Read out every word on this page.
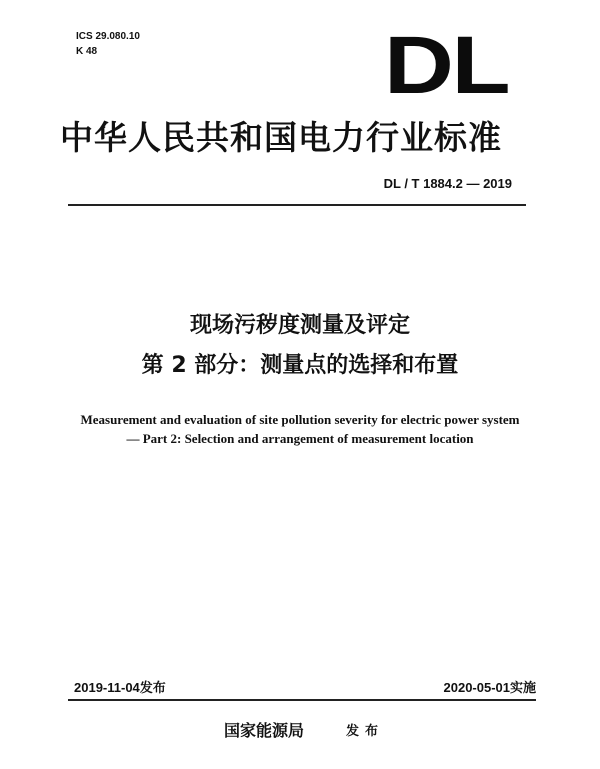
ICS 29.080.10
K 48	DL
中华人民共和国电力行业标准
DL / T 1884.2 — 2019
现场污秽度测量及评定
第 2 部分：测量点的选择和布置
Measurement and evaluation of site pollution severity for electric power system
— Part 2: Selection and arrangement of measurement location
2019-11-04发布	2020-05-01实施
国家能源局	发布
